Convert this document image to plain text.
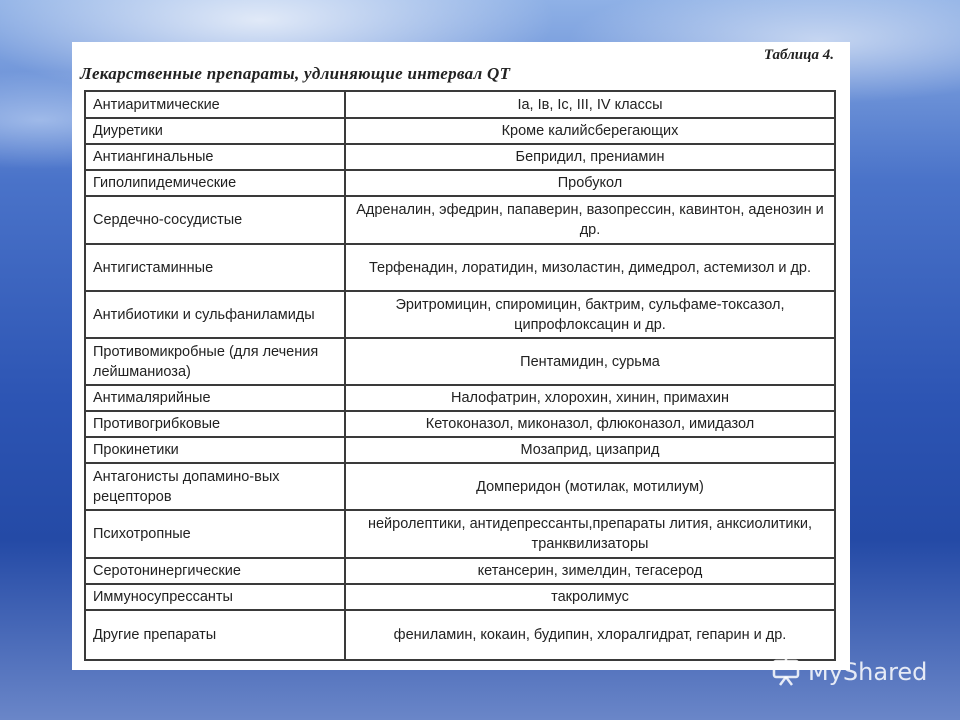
Таблица 4.
Лекарственные препараты, удлиняющие интервал QT
Антиаритмические	Ia, Iв, Ic, III, IV классы
Диуретики	Кроме калийсберегающих
Антиангинальные	Бепридил, прениамин
Гиполипидемические	Пробукол
Сердечно-сосудистые	Адреналин, эфедрин, папаверин, вазопрессин, кавинтон, аденозин и др.
Антигистаминные	Терфенадин, лоратидин, мизоластин, димедрол, астемизол и др.
Антибиотики и сульфаниламиды	Эритромицин, спиромицин, бактрим, сульфаме-токсазол, ципрофлоксацин и др.
Противомикробные (для лечения лейшманиоза)	Пентамидин, сурьма
Антималярийные	Налофатрин, хлорохин, хинин, примахин
Противогрибковые	Кетоконазол, миконазол, флюконазол, имидазол
Прокинетики	Мозаприд, цизаприд
Антагонисты допамино-вых рецепторов	Домперидон (мотилак, мотилиум)
Психотропные	нейролептики, антидепрессанты,препараты лития, анксиолитики, транквилизаторы
Серотонинергические	кетансерин, зимелдин, тегасерод
Иммуносупрессанты	такролимус
Другие препараты	фениламин, кокаин, будипин, хлоралгидрат, гепарин и др.
MyShared
